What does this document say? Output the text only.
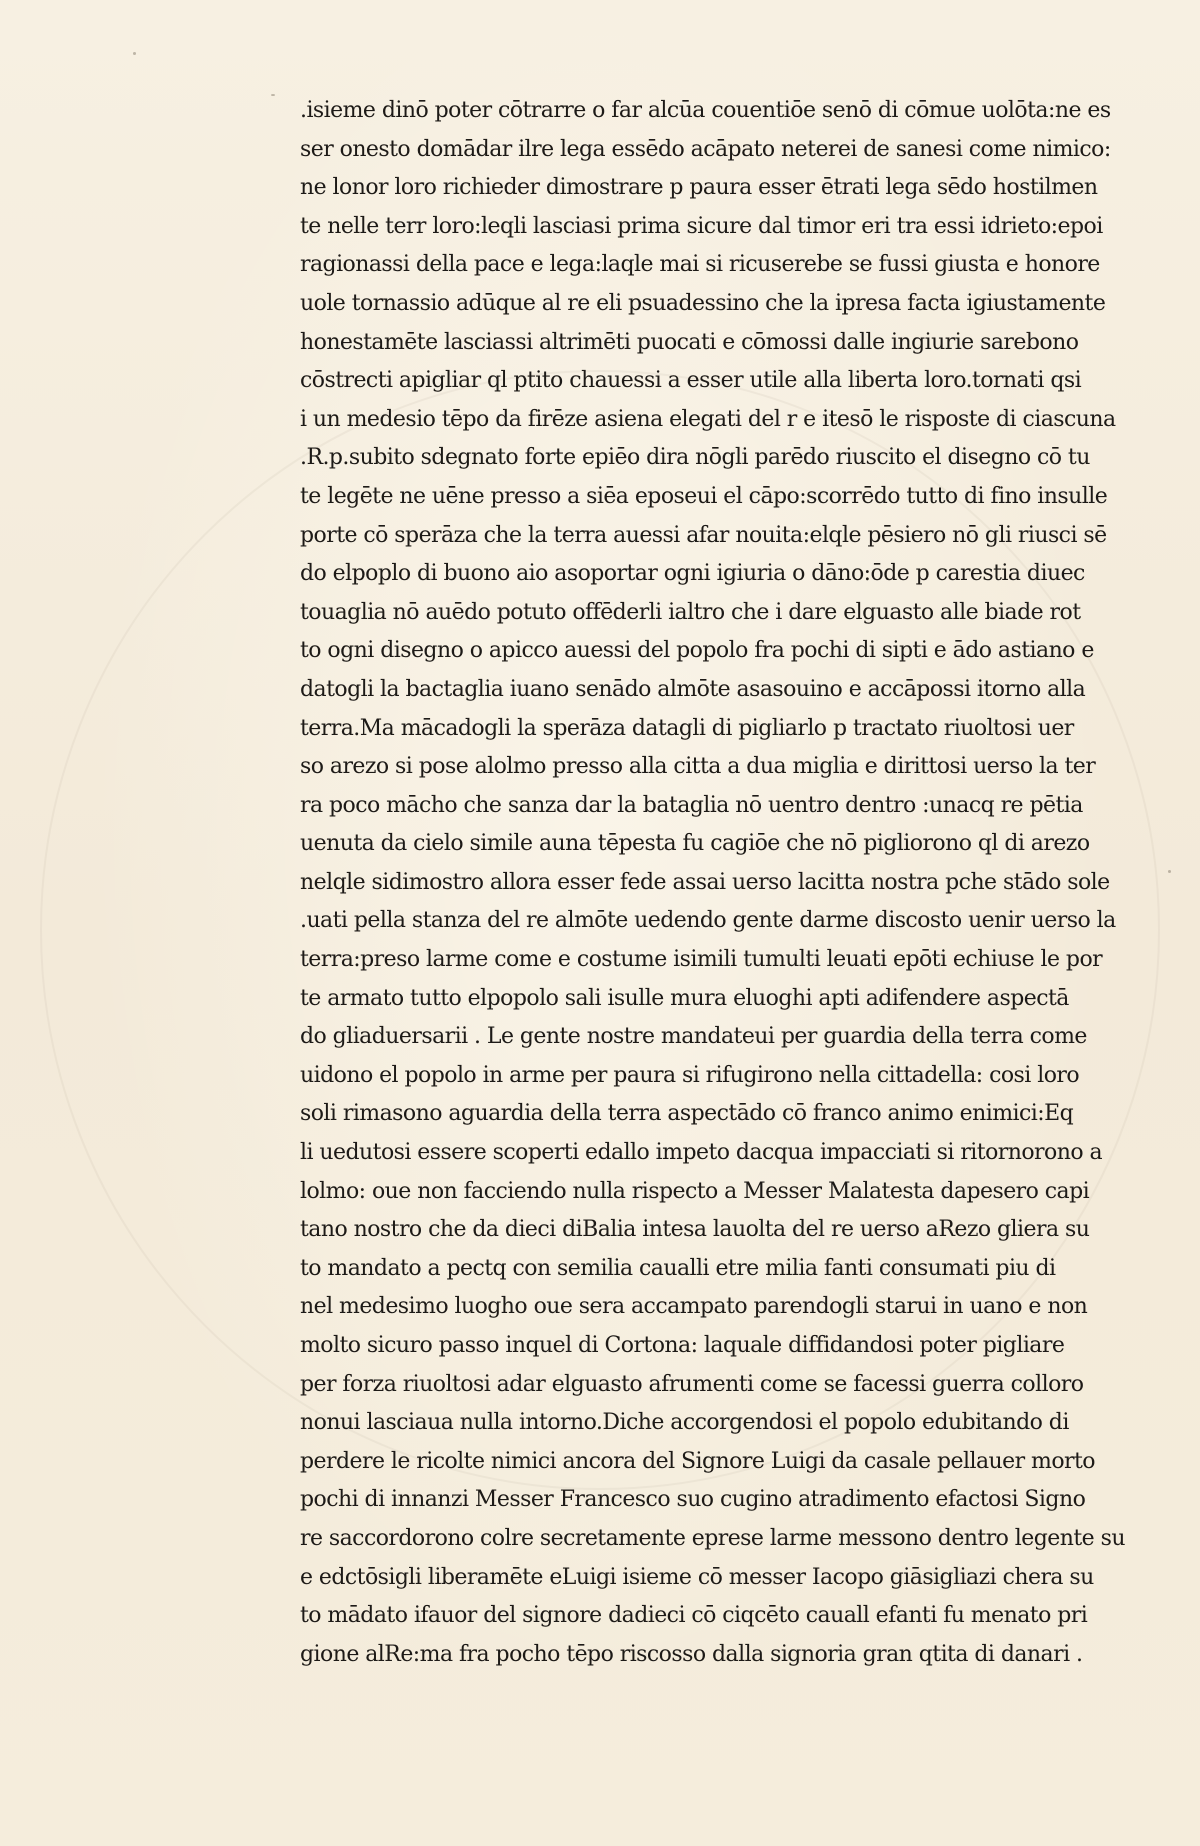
.isieme dinō poter cōtrarre o far alcūa couentiōe senō di cōmue uolōta:ne es
ser onesto domādar ilre lega essēdo acāpato neterei de sanesi come nimico:
ne lonor loro richieder dimostrare p paura esser ētrati lega sēdo hostilmen
te nelle terr loro:leqli lasciasi prima sicure dal timor eri tra essi idrieto:epoi
ragionassi della pace e lega:laqle mai si ricuserebe se fussi giusta e honore
uole tornassio adūque al re eli psuadessino che la ipresa facta igiustamente
honestamēte lasciassi altrimēti puocati e cōmossi dalle ingiurie sarebono
cōstrecti apigliar ql ptito chauessi a esser utile alla liberta loro.tornati qsi
i un medesio tēpo da firēze asiena elegati del r e itesō le risposte di ciascuna
.R.p.subito sdegnato forte epiēo dira nōgli parēdo riuscito el disegno cō tu
te legēte ne uēne presso a siēa eposeui el cāpo:scorrēdo tutto di fino insulle
porte cō sperāza che la terra auessi afar nouita:elqle pēsiero nō gli riusci sē
do elpoplo di buono aio asoportar ogni igiuria o dāno:ōde p carestia diuec
touaglia nō auēdo potuto offēderli ialtro che i dare elguasto alle biade rot
to ogni disegno o apicco auessi del popolo fra pochi di sipti e ādo astiano e
datogli la bactaglia iuano senādo almōte asasouino e accāpossi itorno alla
terra.Ma mācadogli la sperāza datagli di pigliarlo p tractato riuoltosi uer
so arezo si pose alolmo presso alla citta a dua miglia e dirittosi uerso la ter
ra poco mācho che sanza dar la bataglia nō uentro dentro :unacq re pētia
uenuta da cielo simile auna tēpesta fu cagiōe che nō pigliorono ql di arezo
nelqle sidimostro allora esser fede assai uerso lacitta nostra pche stādo sole
.uati pella stanza del re almōte uedendo gente darme discosto uenir uerso la
terra:preso larme come e costume isimili tumulti leuati epōti echiuse le por
te armato tutto elpopolo sali isulle mura eluoghi apti adifendere aspectā
do gliaduersarii . Le gente nostre mandateui per guardia della terra come
uidono el popolo in arme per paura si rifugirono nella cittadella: cosi loro
soli rimasono aguardia della terra aspectādo cō franco animo enimici:Eq
li uedutosi essere scoperti edallo impeto dacqua impacciati si ritornorono a
lolmo: oue non facciendo nulla rispecto a Messer Malatesta dapesero capi
tano nostro che da dieci diBalia intesa lauolta del re uerso aRezo gliera su
to mandato a pectq con semilia caualli etre milia fanti consumati piu di
nel medesimo luogho oue sera accampato parendogli starui in uano e non
molto sicuro passo inquel di Cortona: laquale diffidandosi poter pigliare
per forza riuoltosi adar elguasto afrumenti come se facessi guerra colloro
nonui lasciaua nulla intorno.Diche accorgendosi el popolo edubitando di
perdere le ricolte nimici ancora del Signore Luigi da casale pellauer morto
pochi di innanzi Messer Francesco suo cugino atradimento efactosi Signo
re saccordorono colre secretamente eprese larme messono dentro legente su
e edctōsigli liberamēte eLuigi isieme cō messer Iacopo giāsigliazi chera su
to mādato ifauor del signore dadieci cō ciqcēto cauall efanti fu menato pri
gione alRe:ma fra pocho tēpo riscosso dalla signoria gran qtita di danari .
